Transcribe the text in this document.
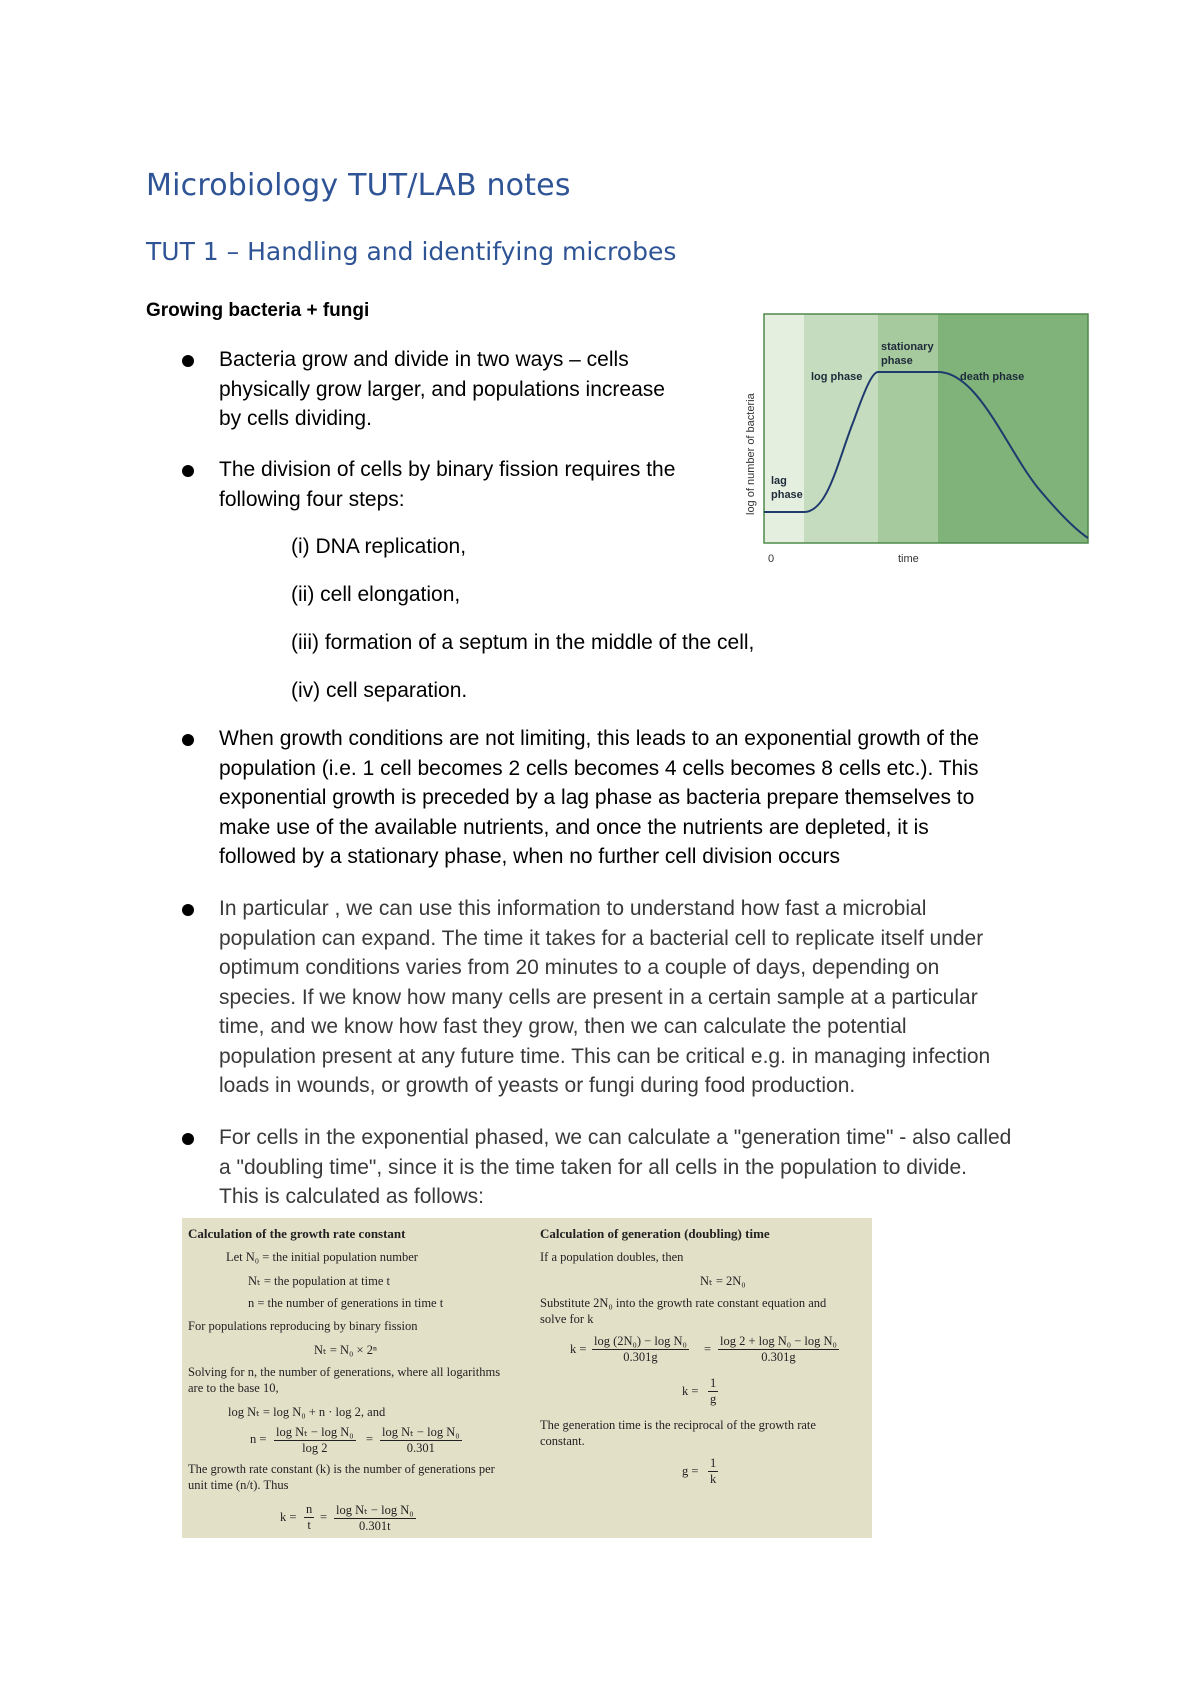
Microbiology TUT/LAB notes
TUT 1 – Handling and identifying microbes
Growing bacteria + fungi
Bacteria grow and divide in two ways – cells
physically grow larger, and populations increase
by cells dividing.
The division of cells by binary fission requires the
following four steps:
(i) DNA replication,
(ii) cell elongation,
(iii) formation of a septum in the middle of the cell,
(iv) cell separation.
When growth conditions are not limiting, this leads to an exponential growth of the
population (i.e. 1 cell becomes 2 cells becomes 4 cells becomes 8 cells etc.). This
exponential growth is preceded by a lag phase as bacteria prepare themselves to
make use of the available nutrients, and once the nutrients are depleted, it is
followed by a stationary phase, when no further cell division occurs
In particular , we can use this information to understand how fast a microbial
population can expand. The time it takes for a bacterial cell to replicate itself under
optimum conditions varies from 20 minutes to a couple of days, depending on
species. If we know how many cells are present in a certain sample at a particular
time, and we know how fast they grow, then we can calculate the potential
population present at any future time. This can be critical e.g. in managing infection
loads in wounds, or growth of yeasts or fungi during food production.
For cells in the exponential phased, we can calculate a "generation time" - also called
a "doubling time", since it is the time taken for all cells in the population to divide.
This is calculated as follows:
lag
phase
log phase
stationary
phase
death phase
log of number of bacteria
0	time
Calculation of the growth rate constant
Let N₀ = the initial population number
Nₜ = the population at time t
n = the number of generations in time t
For populations reproducing by binary fission
Nₜ = N₀ × 2ⁿ
Solving for n, the number of generations, where all logarithms
are to the base 10,
log Nₜ = log N₀ + n · log 2, and
$n = \frac{\text{log Nₜ − log N₀}}{\log 2} = \frac{\text{log Nₜ − log N₀}}{0.301}$
The growth rate constant (k) is the number of generations per
unit time (n/t). Thus
$k = \frac{n}{t} = \frac{\text{log Nₜ − log N₀}}{0.301t}$
Calculation of generation (doubling) time
If a population doubles, then
Nₜ = 2N₀
Substitute 2N₀ into the growth rate constant equation and
solve for k
$k = \frac{\text{log (2N₀) − log N₀}}{0.301g} = \frac{\text{log 2 + log N₀ − log N₀}}{0.301g}$
$k = \frac{1}{g}$
The generation time is the reciprocal of the growth rate
constant.
$g = \frac{1}{k}$
